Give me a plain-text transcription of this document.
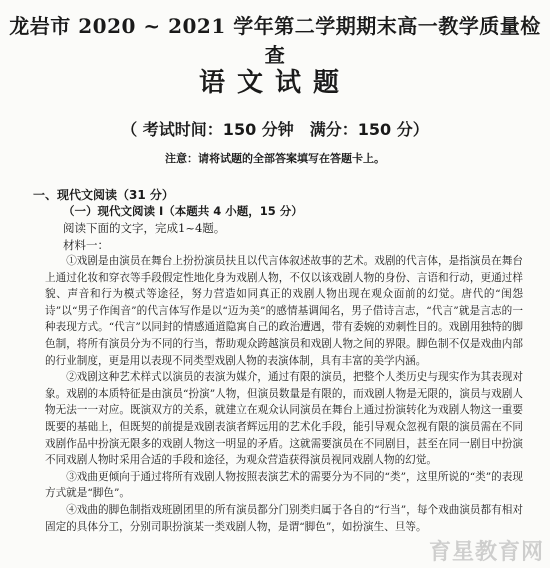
龙岩市 2020 ~ 2021 学年第二学期期末高一教学质量检查
语文试题
（ 考试时间：150 分钟 满分：150 分）
注意：请将试题的全部答案填写在答题卡上。
一、现代文阅读（31 分）
（一）现代文阅读 I（本题共 4 小题，15 分）
阅读下面的文字，完成1~4题。
材料一：

①戏剧是由演员在舞台上扮扮演员扶且以代言体叙述故事的艺术。戏剧的代言体，是指演员在舞台上通过化妆和穿衣等手段假定性地化身为戏剧人物，不仅以该戏剧人物的身份、言语和行动，更通过样貌、声音和行为模式等途径，努力营造如同真正的戏剧人物出现在观众面前的幻觉。唐代的“闺怨诗”以“男子作闺音”的代言体写作是以“迈为美”的感情基调闻名，男子借诗言志，“代言”就是言志的一种表现方式。“代言”以同封的情感通道隐寓自己的政治遭遇，带有委婉的劝刺性目的。戏剧用独特的脚色制，将所有演员分为不同的行当，帮助观众跨越演员和戏剧人物之间的界限。脚色制不仅是戏曲内部的行业制度，更是用以表现不同类型戏剧人物的表演体制，具有丰富的美学内涵。

②戏剧这种艺术样式以演员的表演为媒介，通过有限的演员，把整个人类历史与现实作为其表现对象。戏剧的本质特征是由演员“扮演”人物，但演员数量是有限的，而戏剧人物是无限的，演员与戏剧人物无法一一对应。既演双方的关系，就建立在观众认同演员在舞台上通过扮演转化为戏剧人物这一重要既要的基础上，但既契的前提是戏剧表演者辉远用的艺术化手段，能引导观众忽视有限的演员需在不同戏剧作品中扮演无限多的戏剧人物这一明显的矛盾。这就需要演员在不同剧目，甚至在同一剧目中扮演不同戏剧人物时采用合适的手段和途径，为观众营造获得演员视同戏剧人物的幻觉。

③戏曲更倾向于通过将所有戏剧人物按照表演艺术的需要分为不同的“类”，这里所说的“类”的表现方式就是“脚色”。

④戏曲的脚色制指戏班剧团里的所有演员都分门别类归属于各自的“行当”，每个戏曲演员都有相对固定的具体分工，分别司职扮演某一类戏剧人物，是谓“脚色”，如扮演生、旦等。

育星教育网
